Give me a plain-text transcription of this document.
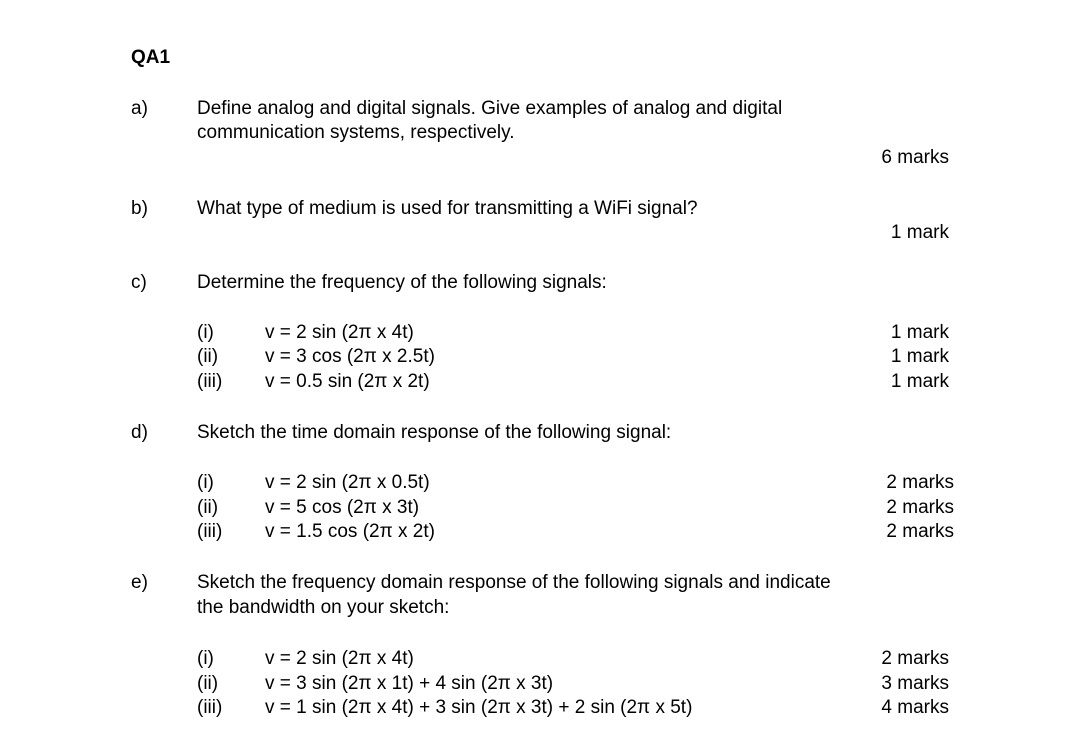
QA1
a)	Define analog and digital signals. Give examples of analog and digital
communication systems, respectively.
6 marks
b)	What type of medium is used for transmitting a WiFi signal?
1 mark
c)	Determine the frequency of the following signals:
(i)	v = 2 sin (2π x 4t)	1 mark
(ii) v = 3 cos (2π x 2.5t)	1 mark
(iii) v = 0.5 sin (2π x 2t)	1 mark
d)	Sketch the time domain response of the following signal:
(i)	v = 2 sin (2π x 0.5t)	2 marks
(ii) v = 5 cos (2π x 3t)	2 marks
(iii) v = 1.5 cos (2π x 2t)	2 marks
e)	Sketch the frequency domain response of the following signals and indicate
the bandwidth on your sketch:
(i)	v = 2 sin (2π x 4t)	2 marks
(ii) v = 3 sin (2π x 1t) + 4 sin (2π x 3t)	3 marks
(iii) v = 1 sin (2π x 4t) + 3 sin (2π x 3t) + 2 sin (2π x 5t)	4 marks
